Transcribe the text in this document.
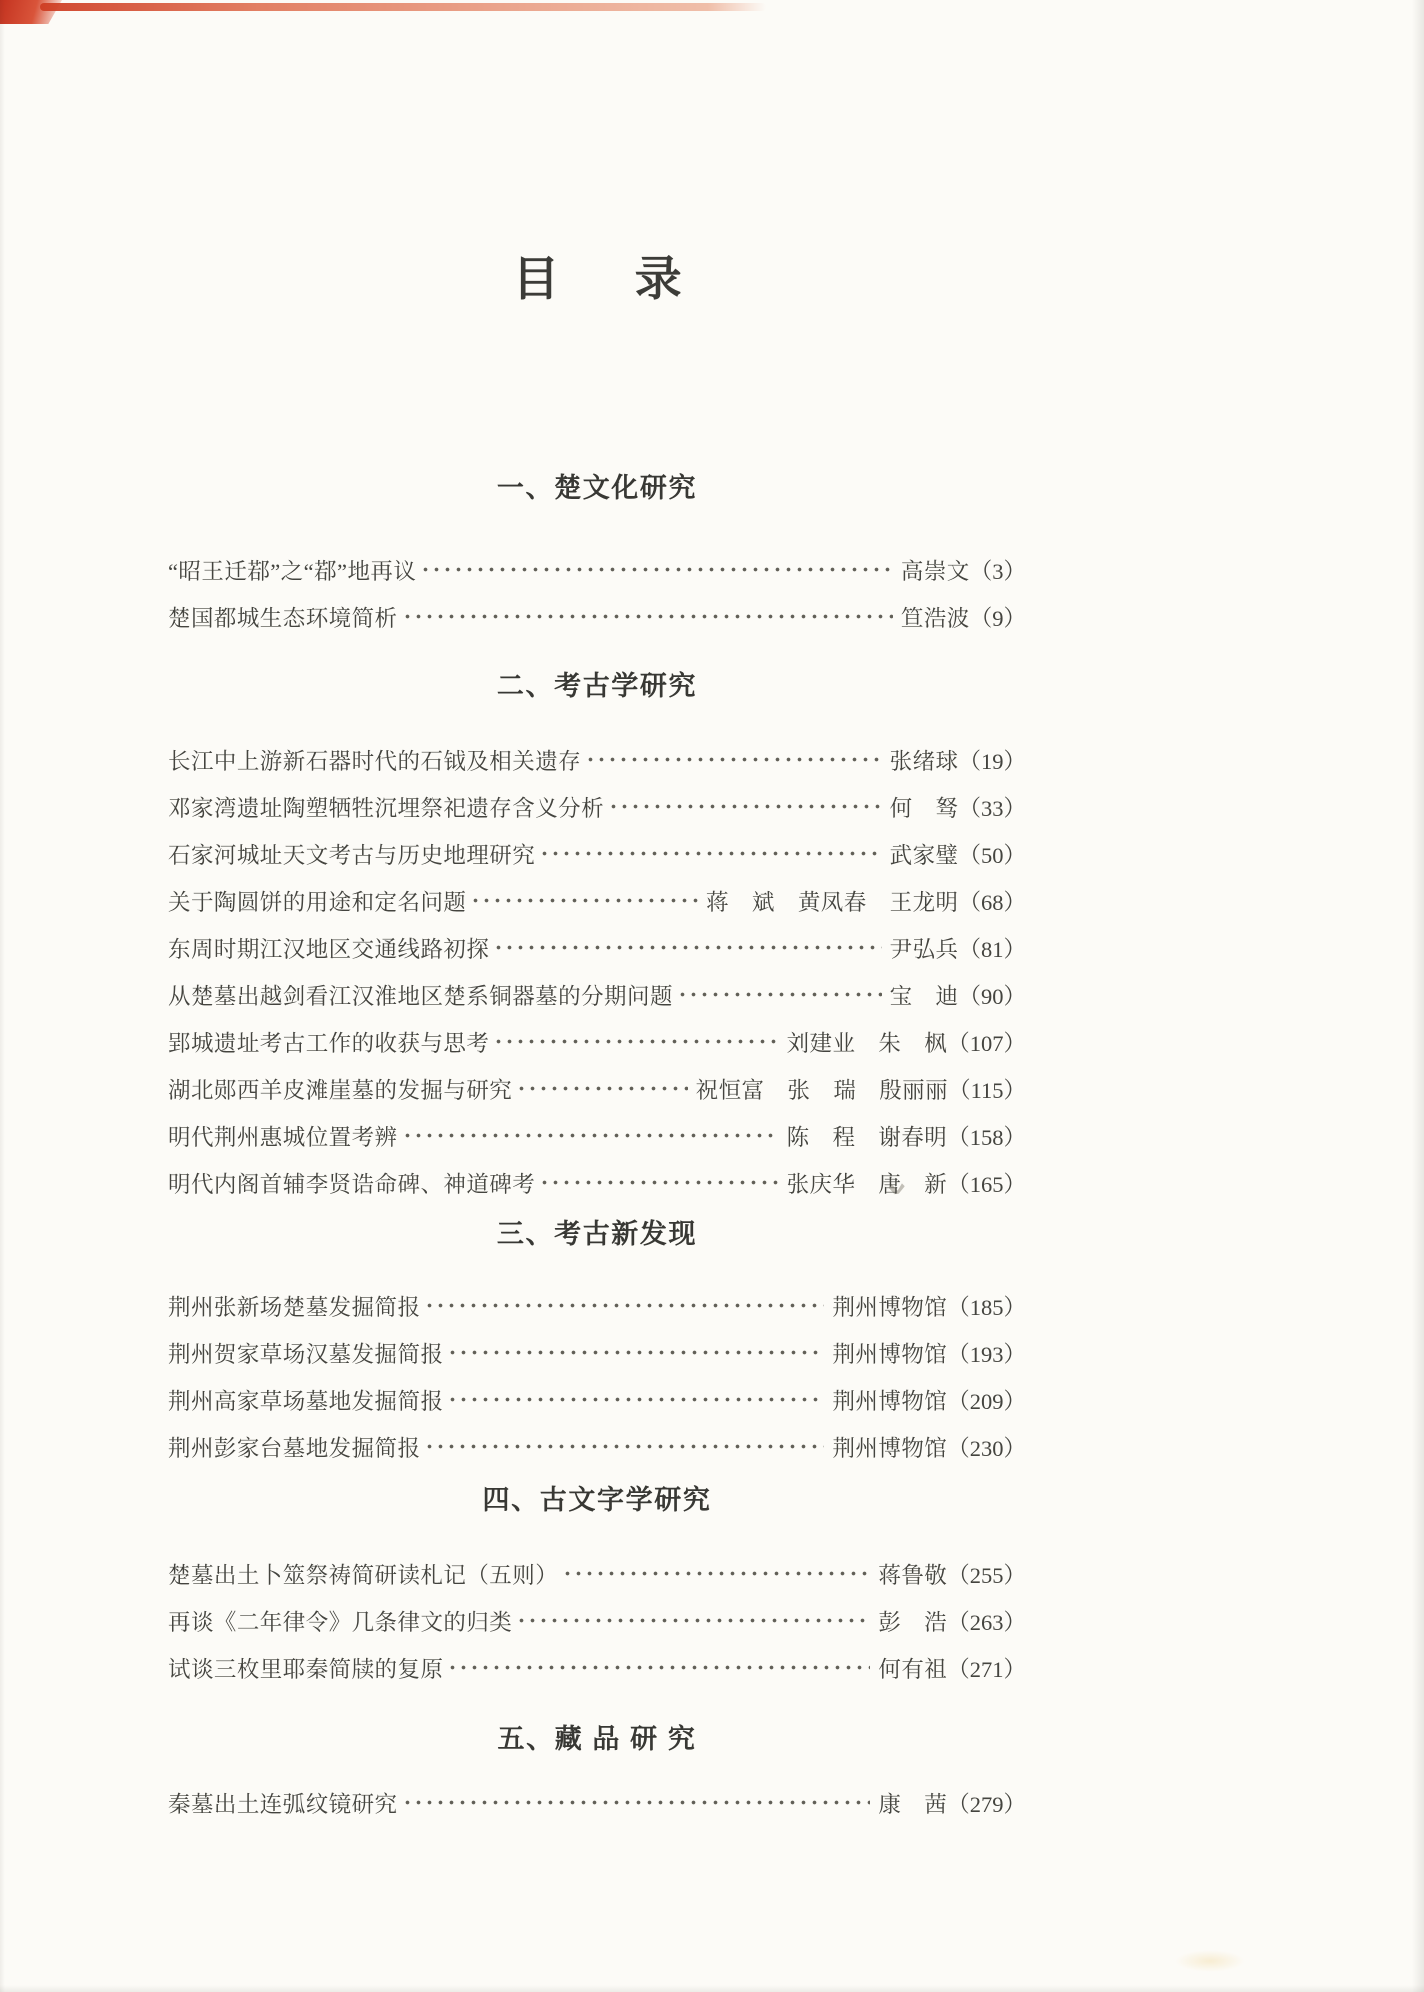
目　录
一、楚文化研究
“昭王迁鄀”之“鄀”地再议	高崇文 （3）
楚国都城生态环境简析	笪浩波 （9）
二、考古学研究
长江中上游新石器时代的石钺及相关遗存	张绪球 （19）
邓家湾遗址陶塑牺牲沉埋祭祀遗存含义分析	何　驽 （33）
石家河城址天文考古与历史地理研究	武家璧 （50）
关于陶圆饼的用途和定名问题	蒋　斌　黄凤春　王龙明 （68）
东周时期江汉地区交通线路初探	尹弘兵 （81）
从楚墓出越剑看江汉淮地区楚系铜器墓的分期问题	宝　迪 （90）
郢城遗址考古工作的收获与思考	刘建业　朱　枫 （107）
湖北郧西羊皮滩崖墓的发掘与研究	祝恒富　张　瑞　殷丽丽 （115）
明代荆州惠城位置考辨	陈　程　谢春明 （158）
明代内阁首辅李贤诰命碑、神道碑考	张庆华　唐　新 （165）
三、考古新发现
荆州张新场楚墓发掘简报	荆州博物馆 （185）
荆州贺家草场汉墓发掘简报	荆州博物馆 （193）
荆州高家草场墓地发掘简报	荆州博物馆 （209）
荆州彭家台墓地发掘简报	荆州博物馆 （230）
四、古文字学研究
楚墓出土卜筮祭祷简研读札记（五则）	蒋鲁敬 （255）
再谈《二年律令》几条律文的归类	彭　浩 （263）
试谈三枚里耶秦简牍的复原	何有祖 （271）
五、藏 品 研 究
秦墓出土连弧纹镜研究	康　茜 （279）
